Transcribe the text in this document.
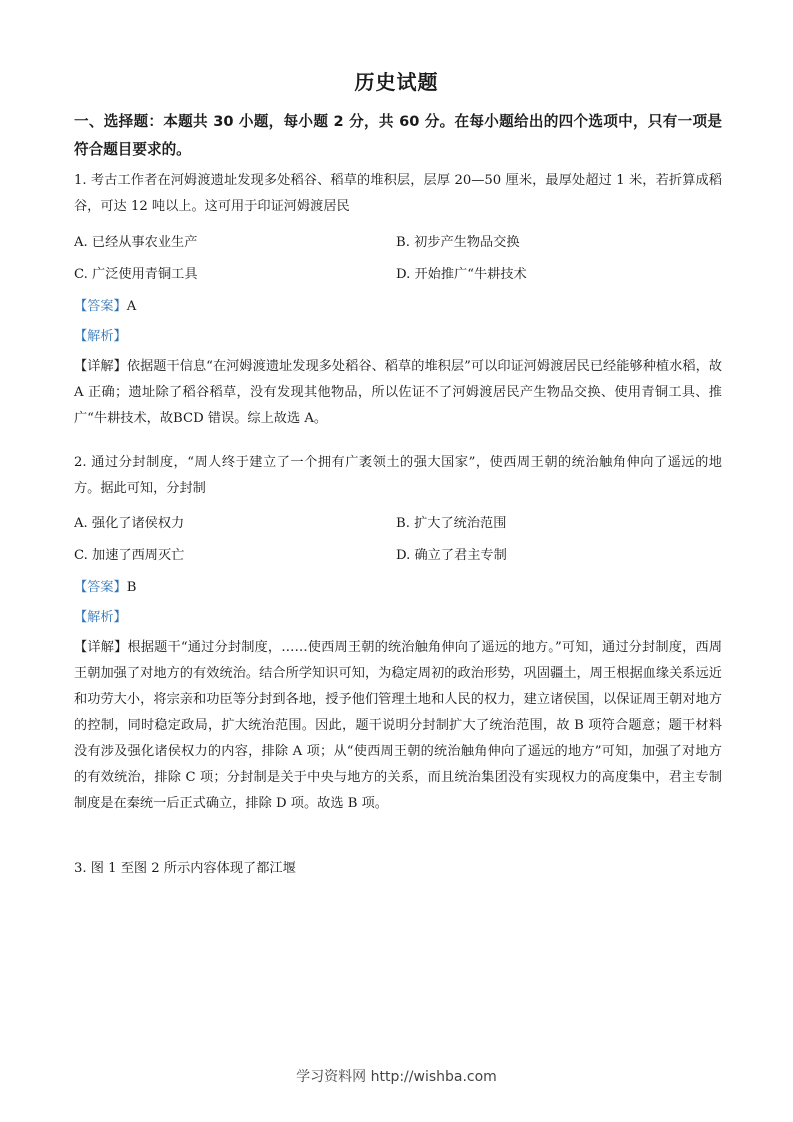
历史试题

一、选择题：本题共 30 小题，每小题 2 分，共 60 分。在每小题给出的四个选项中，只有一项是符合题目要求的。

1. 考古工作者在河姆渡遗址发现多处稻谷、稻草的堆积层，层厚 20—50 厘米，最厚处超过 1 米，若折算成稻谷，可达 12 吨以上。这可用于印证河姆渡居民

A. 已经从事农业生产	B. 初步产生物品交换
C. 广泛使用青铜工具	D. 开始推广“牛耕技术
【答案】A
【解析】

【详解】依据题干信息“在河姆渡遗址发现多处稻谷、稻草的堆积层”可以印证河姆渡居民已经能够种植水稻，故 A 正确；遗址除了稻谷稻草，没有发现其他物品，所以佐证不了河姆渡居民产生物品交换、使用青铜工具、推广“牛耕技术，故BCD 错误。综上故选 A。

2. 通过分封制度，“周人终于建立了一个拥有广袤领土的强大国家”，使西周王朝的统治触角伸向了遥远的地方。据此可知，分封制

A. 强化了诸侯权力	B. 扩大了统治范围
C. 加速了西周灭亡	D. 确立了君主专制
【答案】B
【解析】

【详解】根据题干“通过分封制度，……使西周王朝的统治触角伸向了遥远的地方。”可知，通过分封制度，西周王朝加强了对地方的有效统治。结合所学知识可知，为稳定周初的政治形势，巩固疆土，周王根据血缘关系远近和功劳大小，将宗亲和功臣等分封到各地，授予他们管理土地和人民的权力，建立诸侯国，以保证周王朝对地方的控制，同时稳定政局，扩大统治范围。因此，题干说明分封制扩大了统治范围，故 B 项符合题意；题干材料没有涉及强化诸侯权力的内容，排除 A 项；从“使西周王朝的统治触角伸向了遥远的地方”可知，加强了对地方的有效统治，排除 C 项；分封制是关于中央与地方的关系，而且统治集团没有实现权力的高度集中，君主专制制度是在秦统一后正式确立，排除 D 项。故选 B 项。

3. 图 1 至图 2 所示内容体现了都江堰

学习资料网 http://wishba.com
